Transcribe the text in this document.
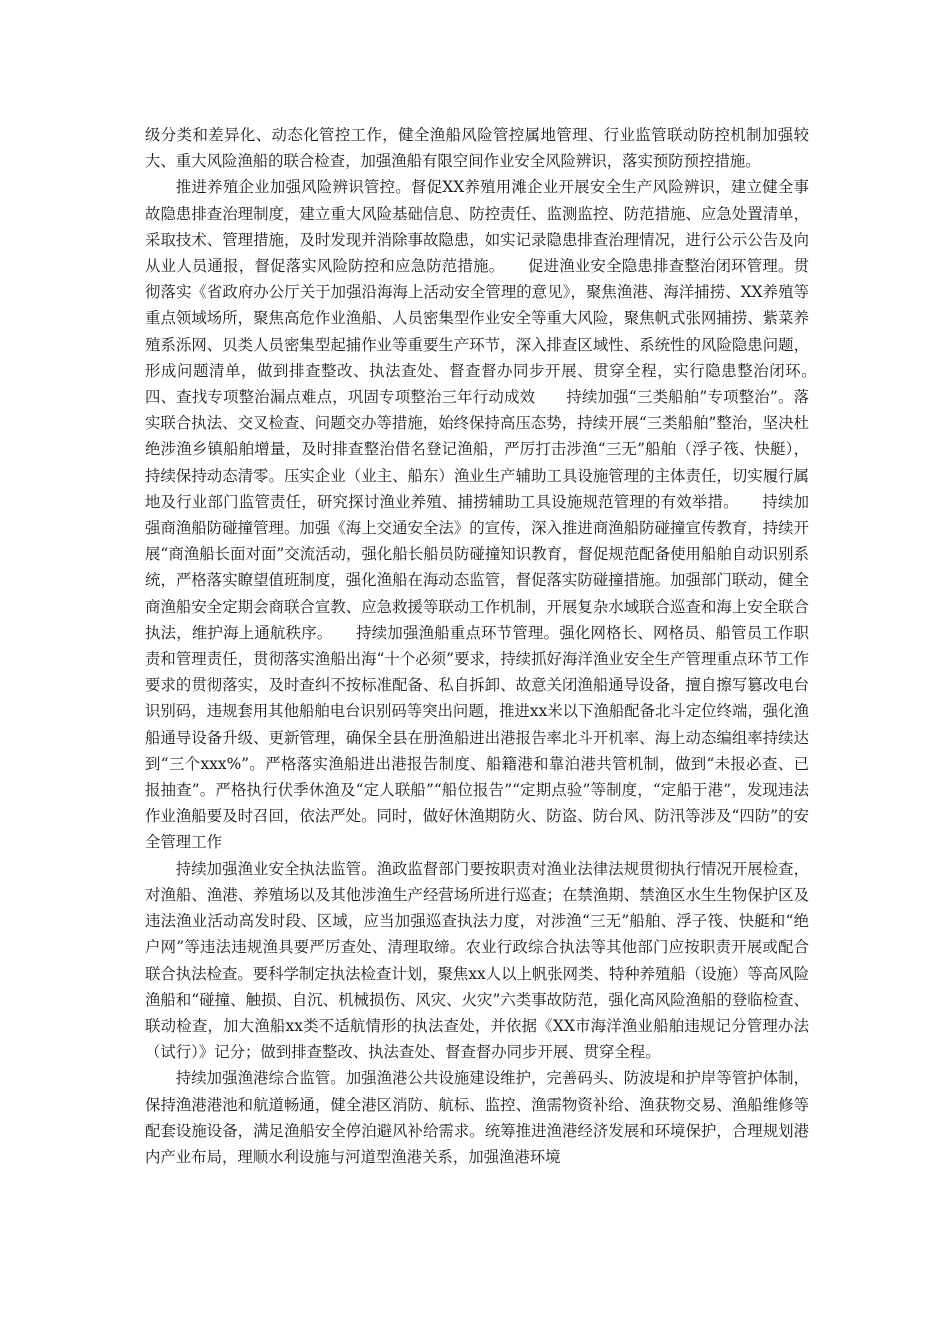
级分类和差异化、动态化管控工作，健全渔船风险管控属地管理、行业监管联动防控机制加强较大、重大风险渔船的联合检查，加强渔船有限空间作业安全风险辨识，落实预防预控措施。

推进养殖企业加强风险辨识管控。督促XX养殖用滩企业开展安全生产风险辨识，建立健全事故隐患排查治理制度，建立重大风险基础信息、防控责任、监测监控、防范措施、应急处置清单，采取技术、管理措施，及时发现并消除事故隐患，如实记录隐患排查治理情况，进行公示公告及向从业人员通报，督促落实风险防控和应急防范措施。　　促进渔业安全隐患排查整治闭环管理。贯彻落实《省政府办公厅关于加强沿海海上活动安全管理的意见》，聚焦渔港、海洋捕捞、XX养殖等重点领域场所，聚焦高危作业渔船、人员密集型作业安全等重大风险，聚焦帆式张网捕捞、紫菜养殖系泺网、贝类人员密集型起捕作业等重要生产环节，深入排查区域性、系统性的风险隐患问题，形成问题清单，做到排查整改、执法查处、督查督办同步开展、贯穿全程，实行隐患整治闭环。　　四、查找专项整治漏点难点，巩固专项整治三年行动成效　　持续加强“三类船舶”专项整治”。落实联合执法、交叉检查、问题交办等措施，始终保持高压态势，持续开展“三类船舶”整治，坚决杜绝涉渔乡镇船舶增量，及时排查整治借名登记渔船，严厉打击涉渔“三无”船舶（浮子筏、快艇），持续保持动态清零。压实企业（业主、船东）渔业生产辅助工具设施管理的主体责任，切实履行属地及行业部门监管责任，研究探讨渔业养殖、捕捞辅助工具设施规范管理的有效举措。　　持续加强商渔船防碰撞管理。加强《海上交通安全法》的宣传，深入推进商渔船防碰撞宣传教育，持续开展“商渔船长面对面”交流活动，强化船长船员防碰撞知识教育，督促规范配备使用船舶自动识别系统，严格落实瞭望值班制度，强化渔船在海动态监管，督促落实防碰撞措施。加强部门联动，健全商渔船安全定期会商联合宣教、应急救援等联动工作机制，开展复杂水域联合巡查和海上安全联合执法，维护海上通航秩序。　　持续加强渔船重点环节管理。强化网格长、网格员、船管员工作职责和管理责任，贯彻落实渔船出海“十个必须”要求，持续抓好海洋渔业安全生产管理重点环节工作要求的贯彻落实，及时查纠不按标准配备、私自拆卸、故意关闭渔船通导设备，擅自擦写篡改电台识别码，违规套用其他船舶电台识别码等突出问题，推进xx米以下渔船配备北斗定位终端，强化渔船通导设备升级、更新管理，确保全县在册渔船进出港报告率北斗开机率、海上动态编组率持续达到“三个xxx%”。严格落实渔船进出港报告制度、船籍港和靠泊港共管机制，做到“未报必查、已报抽查”。严格执行伏季休渔及“定人联船”“船位报告”“定期点验”等制度，“定船于港”，发现违法作业渔船要及时召回，依法严处。同时，做好休渔期防火、防盗、防台风、防汛等涉及“四防”的安全管理工作

持续加强渔业安全执法监管。渔政监督部门要按职责对渔业法律法规贯彻执行情况开展检查，对渔船、渔港、养殖场以及其他涉渔生产经营场所进行巡查；在禁渔期、禁渔区水生生物保护区及违法渔业活动高发时段、区域，应当加强巡查执法力度，对涉渔“三无”船舶、浮子筏、快艇和“绝户网”等违法违规渔具要严厉查处、清理取缔。农业行政综合执法等其他部门应按职责开展或配合联合执法检查。要科学制定执法检查计划，聚焦xx人以上帆张网类、特种养殖船（设施）等高风险渔船和“碰撞、触损、自沉、机械损伤、风灾、火灾”六类事故防范，强化高风险渔船的登临检查、联动检查，加大渔船xx类不适航情形的执法查处，并依据《XX市海洋渔业船舶违规记分管理办法（试行）》记分；做到排查整改、执法查处、督查督办同步开展、贯穿全程。

持续加强渔港综合监管。加强渔港公共设施建设维护，完善码头、防波堤和护岸等管护体制，保持渔港港池和航道畅通，健全港区消防、航标、监控、渔需物资补给、渔获物交易、渔船维修等配套设施设备，满足渔船安全停泊避风补给需求。统筹推进渔港经济发展和环境保护，合理规划港内产业布局，理顺水利设施与河道型渔港关系，加强渔港环境
